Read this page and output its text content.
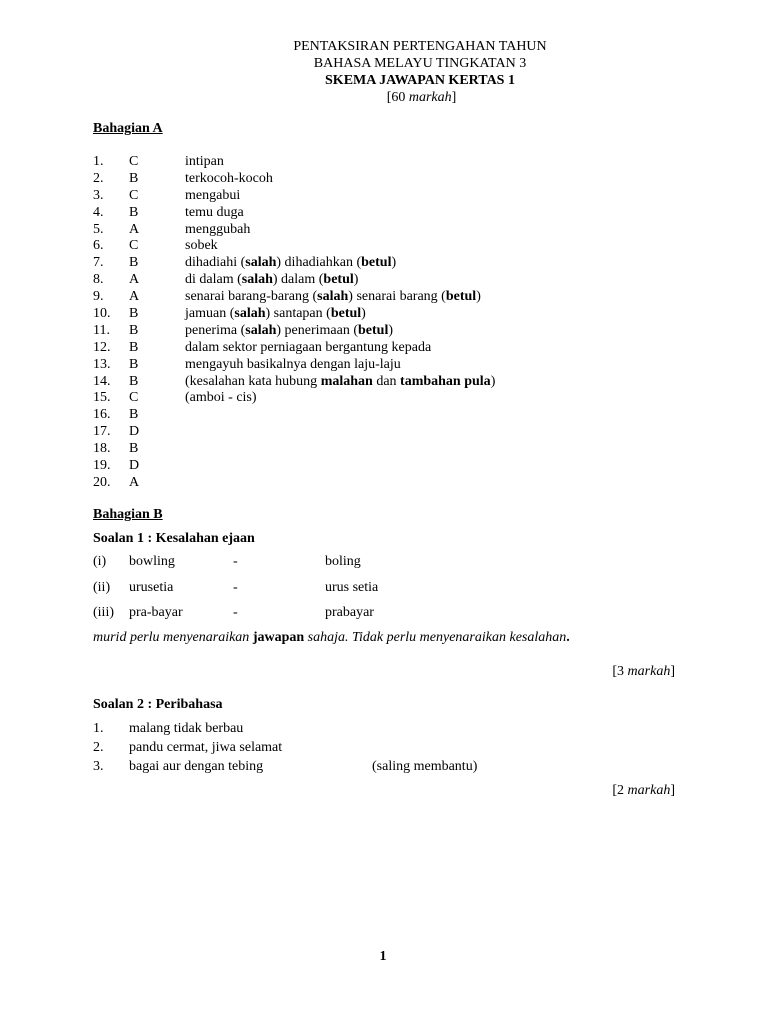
PENTAKSIRAN PERTENGAHAN TAHUN
BAHASA MELAYU TINGKATAN 3
SKEMA JAWAPAN KERTAS 1
[60 markah]
Bahagian A
1. C	intipan
2. B	terkocoh-kocoh
3. C	mengabui
4. B	temu duga
5. A	menggubah
6. C	sobek
7. B	dihadiahi (salah) dihadiahkan (betul)
8. A	di dalam (salah) dalam (betul)
9. A	senarai barang-barang (salah) senarai barang (betul)
10. B	jamuan (salah) santapan (betul)
11. B	penerima (salah) penerimaan (betul)
12. B	dalam sektor perniagaan bergantung kepada
13. B	mengayuh basikalnya dengan laju-laju
14. B	(kesalahan kata hubung malahan dan tambahan pula)
15. C	(amboi - cis)
16. B
17. D
18. B
19. D
20. A
Bahagian B
Soalan 1 : Kesalahan ejaan
(i) bowling	-	boling
(ii) urusetia	-	urus setia
(iii) pra-bayar	-	prabayar
murid perlu menyenaraikan jawapan sahaja. Tidak perlu menyenaraikan kesalahan.
[3 markah]
Soalan 2 : Peribahasa
1. malang tidak berbau
2. pandu cermat, jiwa selamat
3. bagai aur dengan tebing	(saling membantu)
[2 markah]
1
